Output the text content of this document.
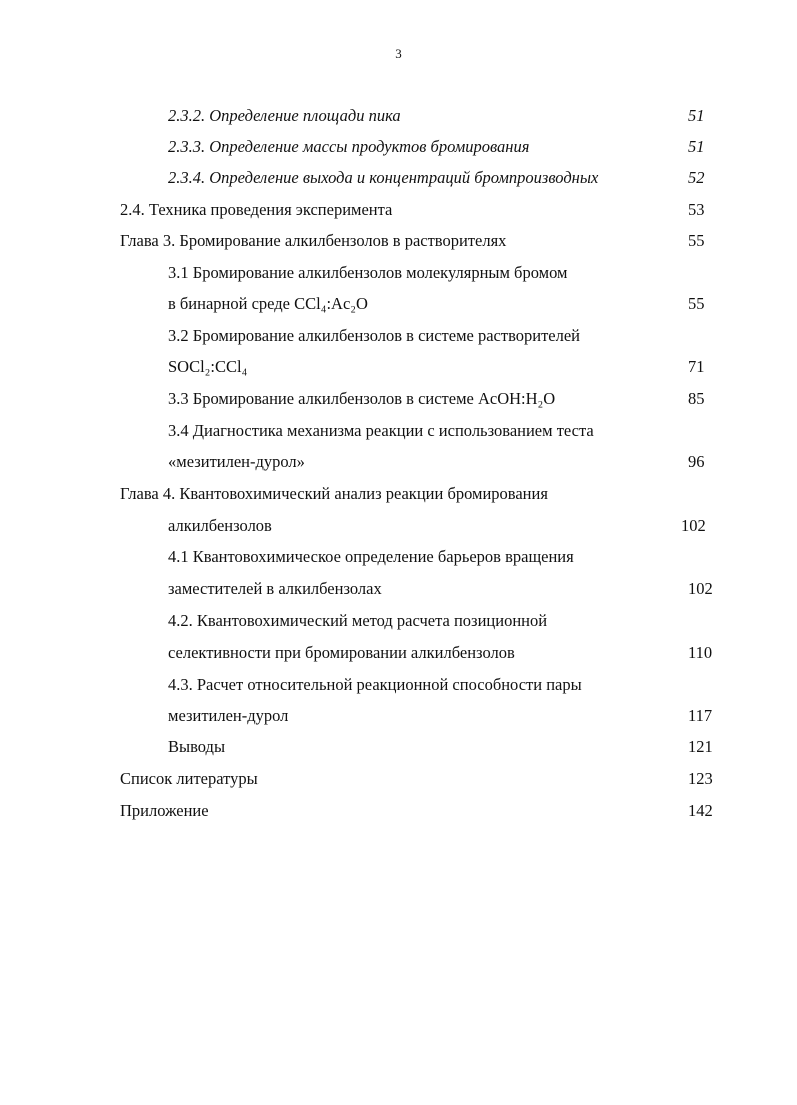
3
2.3.2. Определение площади пика	51
2.3.3. Определение массы продуктов бромирования	51
2.3.4. Определение выхода и концентраций бромпроизводных	52
2.4. Техника проведения эксперимента	53
Глава 3. Бромирование алкилбензолов в растворителях	55
3.1 Бромирование алкилбензолов молекулярным бромом
в бинарной среде CCl₄:Ac₂O	55
3.2 Бромирование алкилбензолов в системе растворителей
SOCl₂:CCl₄	71
3.3 Бромирование алкилбензолов в системе AcOH:H₂O	85
3.4 Диагностика механизма реакции с использованием теста
«мезитилен-дурол»	96
Глава 4. Квантовохимический анализ реакции бромирования
алкилбензолов	102
4.1 Квантовохимическое определение барьеров вращения
заместителей в алкилбензолах	102
4.2. Квантовохимический метод расчета позиционной
селективности при бромировании алкилбензолов	110
4.3. Расчет относительной реакционной способности пары
мезитилен-дурол	117
Выводы	121
Список литературы	123
Приложение	142
